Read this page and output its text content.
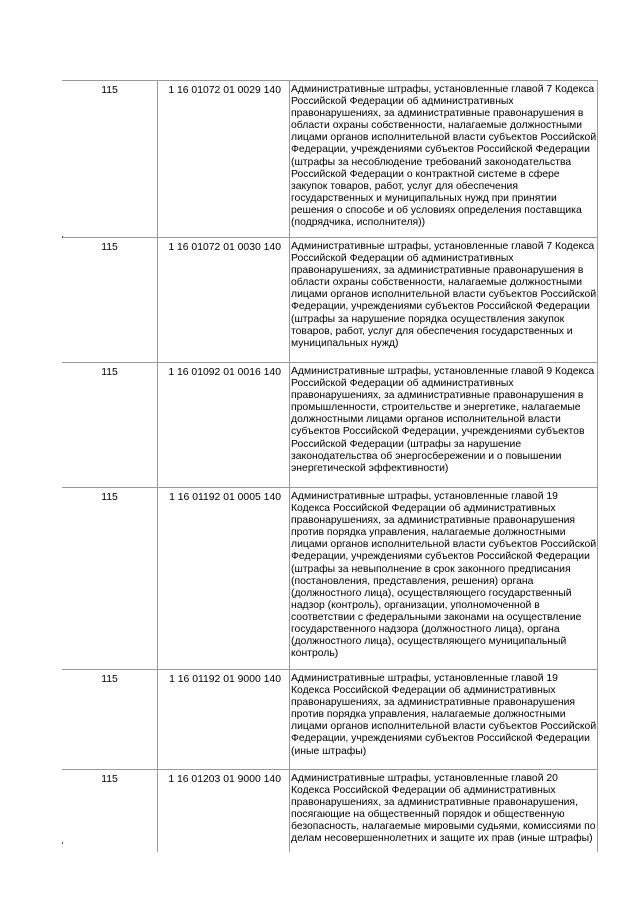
115	1 16 01072 01 0029 140 Административные штрафы, установленные главой 7 Кодекса Российской Федерации об административных правонарушениях, за административные правонарушения в области охраны собственности, налагаемые должностными лицами органов исполнительной власти субъектов Российской Федерации, учреждениями субъектов Российской Федерации (штрафы за несоблюдение требований законодательства Российской Федерации о контрактной системе в сфере закупок товаров, работ, услуг для обеспечения государственных и муниципальных нужд при принятии решения о способе и об условиях определения поставщика (подрядчика, исполнителя))
115	1 16 01072 01 0030 140 Административные штрафы, установленные главой 7 Кодекса Российской Федерации об административных правонарушениях, за административные правонарушения в области охраны собственности, налагаемые должностными лицами органов исполнительной власти субъектов Российской Федерации, учреждениями субъектов Российской Федерации (штрафы за нарушение порядка осуществления закупок товаров, работ, услуг для обеспечения государственных и муниципальных нужд)
115	1 16 01092 01 0016 140 Административные штрафы, установленные главой 9 Кодекса Российской Федерации об административных правонарушениях, за административные правонарушения в промышленности, строительстве и энергетике, налагаемые должностными лицами органов исполнительной власти субъектов Российской Федерации, учреждениями субъектов Российской Федерации (штрафы за нарушение законодательства об энергосбережении и о повышении энергетической эффективности)
115	1 16 01192 01 0005 140 Административные штрафы, установленные главой 19 Кодекса Российской Федерации об административных правонарушениях, за административные правонарушения против порядка управления, налагаемые должностными лицами органов исполнительной власти субъектов Российской Федерации, учреждениями субъектов Российской Федерации (штрафы за невыполнение в срок законного предписания (постановления, представления, решения) органа (должностного лица), осуществляющего государственный надзор (контроль), организации, уполномоченной в соответствии с федеральными законами на осуществление государственного надзора (должностного лица), органа (должностного лица), осуществляющего муниципальный контроль)
115	1 16 01192 01 9000 140 Административные штрафы, установленные главой 19 Кодекса Российской Федерации об административных правонарушениях, за административные правонарушения против порядка управления, налагаемые должностными лицами органов исполнительной власти субъектов Российской Федерации, учреждениями субъектов Российской Федерации (иные штрафы)
115	1 16 01203 01 9000 140 Административные штрафы, установленные главой 20 Кодекса Российской Федерации об административных правонарушениях, за административные правонарушения, посягающие на общественный порядок и общественную безопасность, налагаемые мировыми судьями, комиссиями по делам несовершеннолетних и защите их прав (иные штрафы)
